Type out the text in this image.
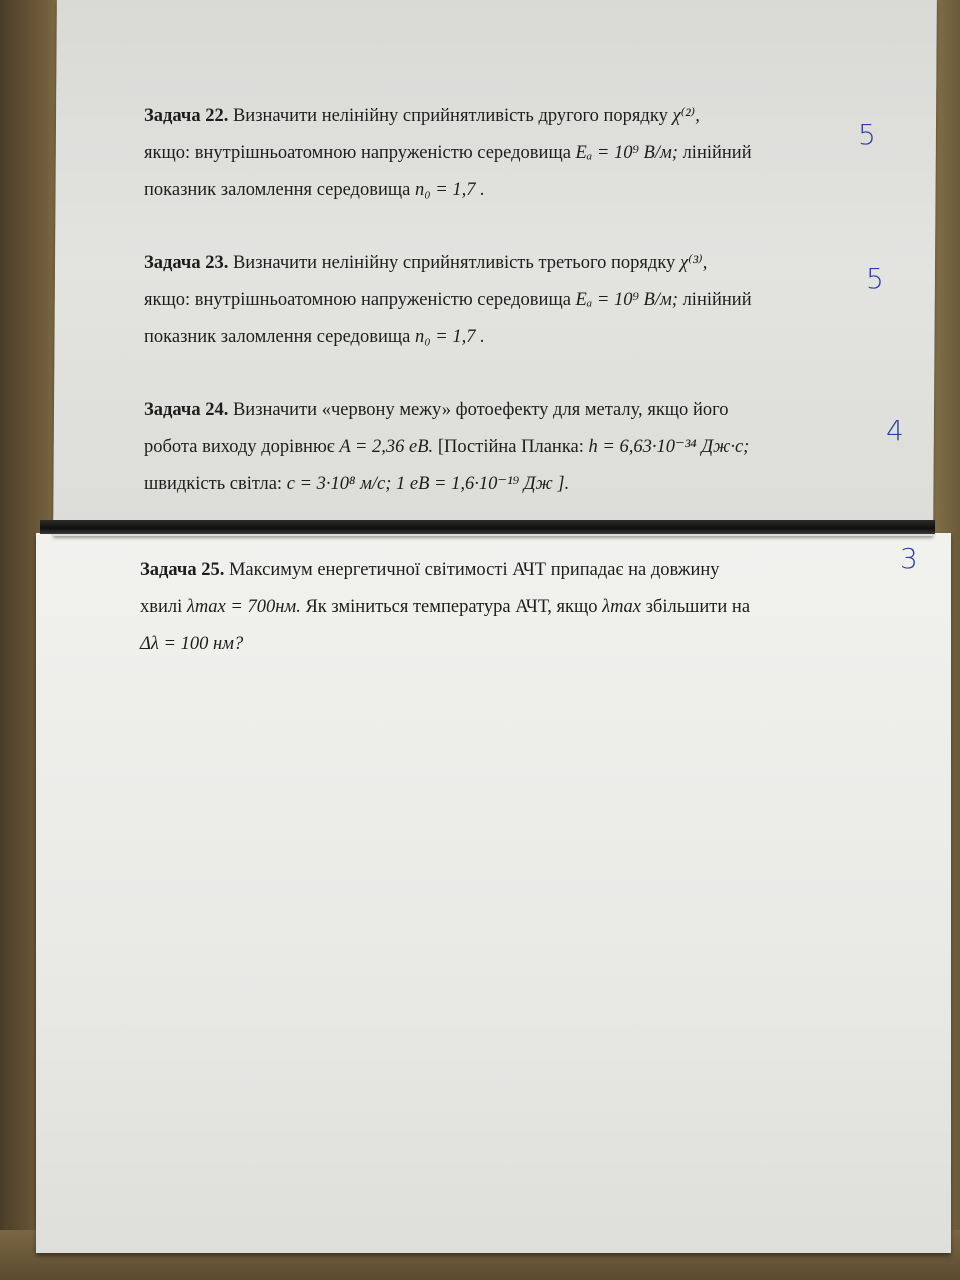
Задача 22. Визначити нелінійну сприйнятливість другого порядку χ⁽²⁾,
якщо: внутрішньоатомною напруженістю середовища Eₐ = 10⁹ В/м; лінійний
показник заломлення середовища n₀ = 1,7 .
5
Задача 23. Визначити нелінійну сприйнятливість третього порядку χ⁽³⁾,
якщо: внутрішньоатомною напруженістю середовища Eₐ = 10⁹ В/м; лінійний
показник заломлення середовища n₀ = 1,7 .
5
Задача 24. Визначити «червону межу» фотоефекту для металу, якщо його
робота виходу дорівнює A = 2,36 eB. [Постійна Планка: h = 6,63·10⁻³⁴ Дж·с;
швидкість світла: c = 3·10⁸ м/с; 1 eB = 1,6·10⁻¹⁹ Дж ].
4
Задача 25. Максимум енергетичної світимості АЧТ припадає на довжину
хвилі λmax = 700нм. Як зміниться температура АЧТ, якщо λmax збільшити на
Δλ = 100 нм?
3
